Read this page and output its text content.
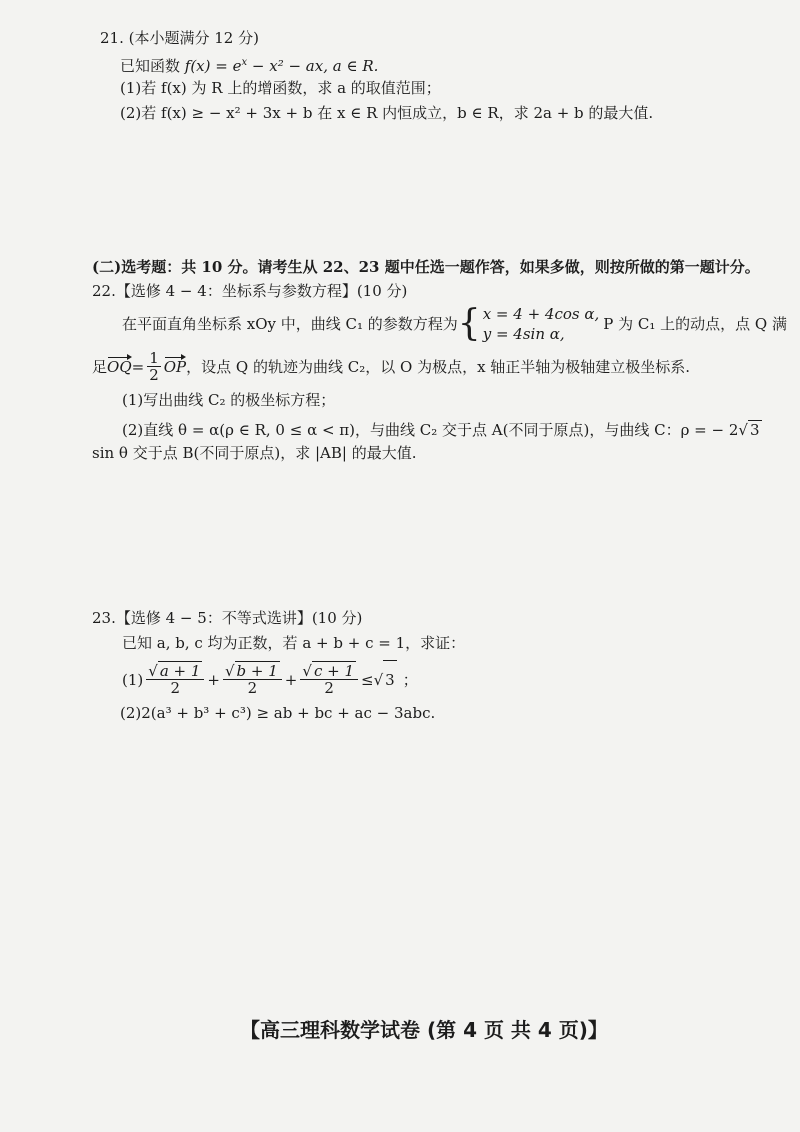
21. (本小题满分 12 分)
已知函数 $f(x) = e^x - x^2$ − ax, a ∈ R.
(1)若 f(x) 为 R 上的增函数，求 a 的取值范围；
(2)若 f(x) ≥ − x² + 3x + b 在 x ∈ R 内恒成立，b ∈ R，求 2a + b 的最大值.
(二)选考题：共 10 分。请考生从 22、23 题中任选一题作答，如果多做，则按所做的第一题计分。
22.【选修 4 − 4：坐标系与参数方程】(10 分)
在平面直角坐标系 xOy 中，曲线 C₁ 的参数方程为 { x = 4 + 4cos α,
y = 4sin α,
P 为 C₁ 上的动点，点 Q 满
足 OQ = $\frac{1}{2}$ OP ，设点 Q 的轨迹为曲线 C₂，以 O 为极点，x 轴正半轴为极轴建立极坐标系.
(1)写出曲线 C₂ 的极坐标方程；
(2)直线 θ = α(ρ ∈ R, 0 ≤ α < π)，与曲线 C₂ 交于点 A(不同于原点)，与曲线 C：ρ = − 2√ 3
sin θ 交于点 B(不同于原点)，求 |AB| 的最大值.
23.【选修 4 − 5：不等式选讲】(10 分)
已知 a, b, c 均为正数，若 a + b + c = 1，求证：
$(1) \frac{√ a + 1}{2} + \frac{√ b + 1}{2} + \frac{√ c + 1}{2}$ ≤ √ 3 ；
(2)2(a³ + b³ + c³) ≥ ab + bc + ac − 3abc.
【高三理科数学试卷 (第 4 页 共 4 页)】
